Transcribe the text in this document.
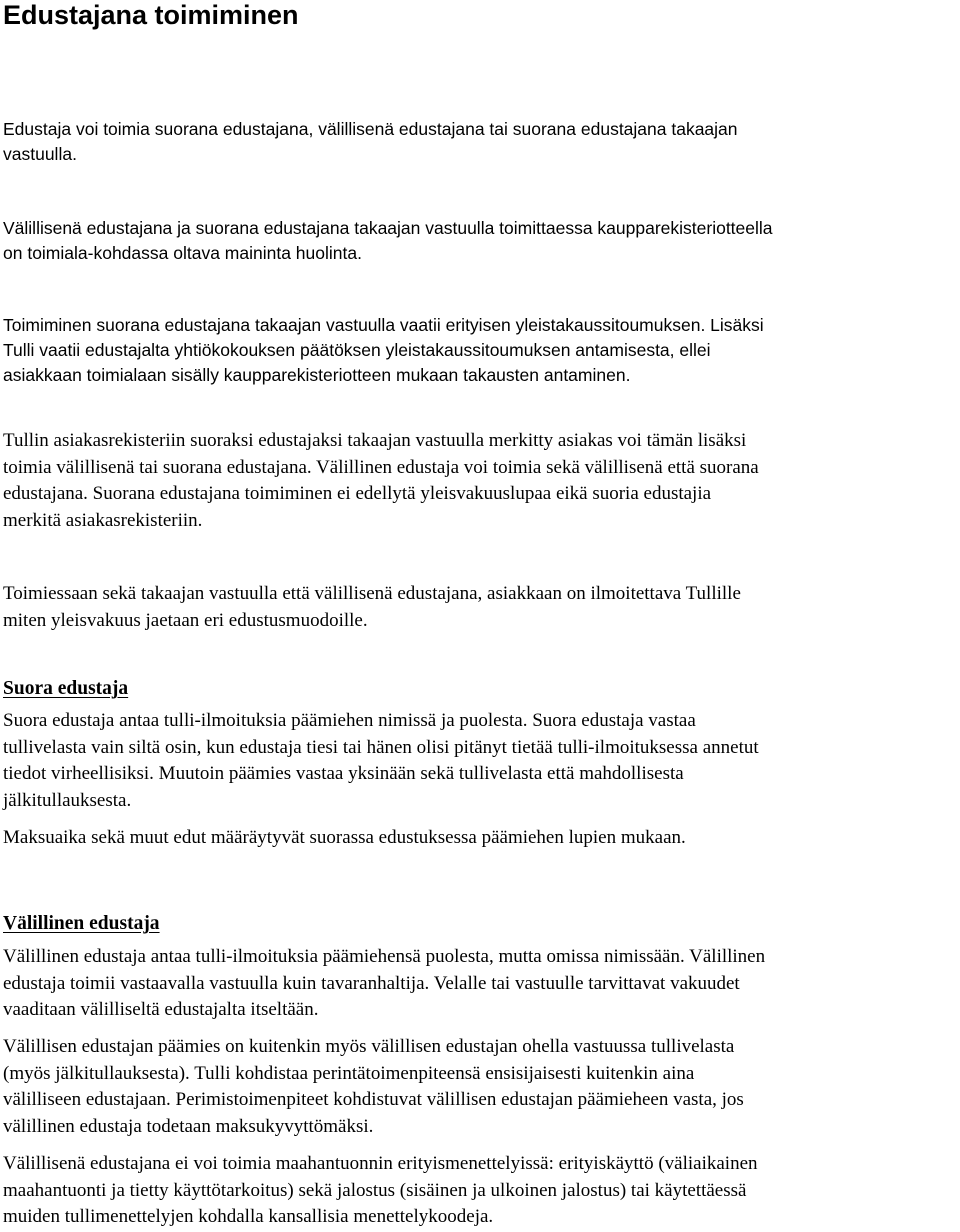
Edustajana toimiminen

Edustaja voi toimia suorana edustajana, välillisenä edustajana tai suorana edustajana takaajan
vastuulla.

Välillisenä edustajana ja suorana edustajana takaajan vastuulla toimittaessa kaupparekisteriotteella
on toimiala-kohdassa oltava maininta huolinta.

Toimiminen suorana edustajana takaajan vastuulla vaatii erityisen yleistakaussitoumuksen. Lisäksi
Tulli vaatii edustajalta yhtiökokouksen päätöksen yleistakaussitoumuksen antamisesta, ellei
asiakkaan toimialaan sisälly kaupparekisteriotteen mukaan takausten antaminen.

Tullin asiakasrekisteriin suoraksi edustajaksi takaajan vastuulla merkitty asiakas voi tämän lisäksi
toimia välillisenä tai suorana edustajana. Välillinen edustaja voi toimia sekä välillisenä että suorana
edustajana. Suorana edustajana toimiminen ei edellytä yleisvakuuslupaa eikä suoria edustajia
merkitä asiakasrekisteriin.

Toimiessaan sekä takaajan vastuulla että välillisenä edustajana, asiakkaan on ilmoitettava Tullille
miten yleisvakuus jaetaan eri edustusmuodoille.

Suora edustaja

Suora edustaja antaa tulli-ilmoituksia päämiehen nimissä ja puolesta. Suora edustaja vastaa
tullivelasta vain siltä osin, kun edustaja tiesi tai hänen olisi pitänyt tietää tulli-ilmoituksessa annetut
tiedot virheellisiksi. Muutoin päämies vastaa yksinään sekä tullivelasta että mahdollisesta
jälkitullauksesta.

Maksuaika sekä muut edut määräytyvät suorassa edustuksessa päämiehen lupien mukaan.

Välillinen edustaja

Välillinen edustaja antaa tulli-ilmoituksia päämiehensä puolesta, mutta omissa nimissään. Välillinen
edustaja toimii vastaavalla vastuulla kuin tavaranhaltija. Velalle tai vastuulle tarvittavat vakuudet
vaaditaan välilliseltä edustajalta itseltään.

Välillisen edustajan päämies on kuitenkin myös välillisen edustajan ohella vastuussa tullivelasta
(myös jälkitullauksesta). Tulli kohdistaa perintätoimenpiteensä ensisijaisesti kuitenkin aina
välilliseen edustajaan. Perimistoimenpiteet kohdistuvat välillisen edustajan päämieheen vasta, jos
välillinen edustaja todetaan maksukyvyttömäksi.

Välillisenä edustajana ei voi toimia maahantuonnin erityismenettelyissä: erityiskäyttö (väliaikainen
maahantuonti ja tietty käyttötarkoitus) sekä jalostus (sisäinen ja ulkoinen jalostus) tai käytettäessä
muiden tullimenettelyjen kohdalla kansallisia menettelykoodeja.
